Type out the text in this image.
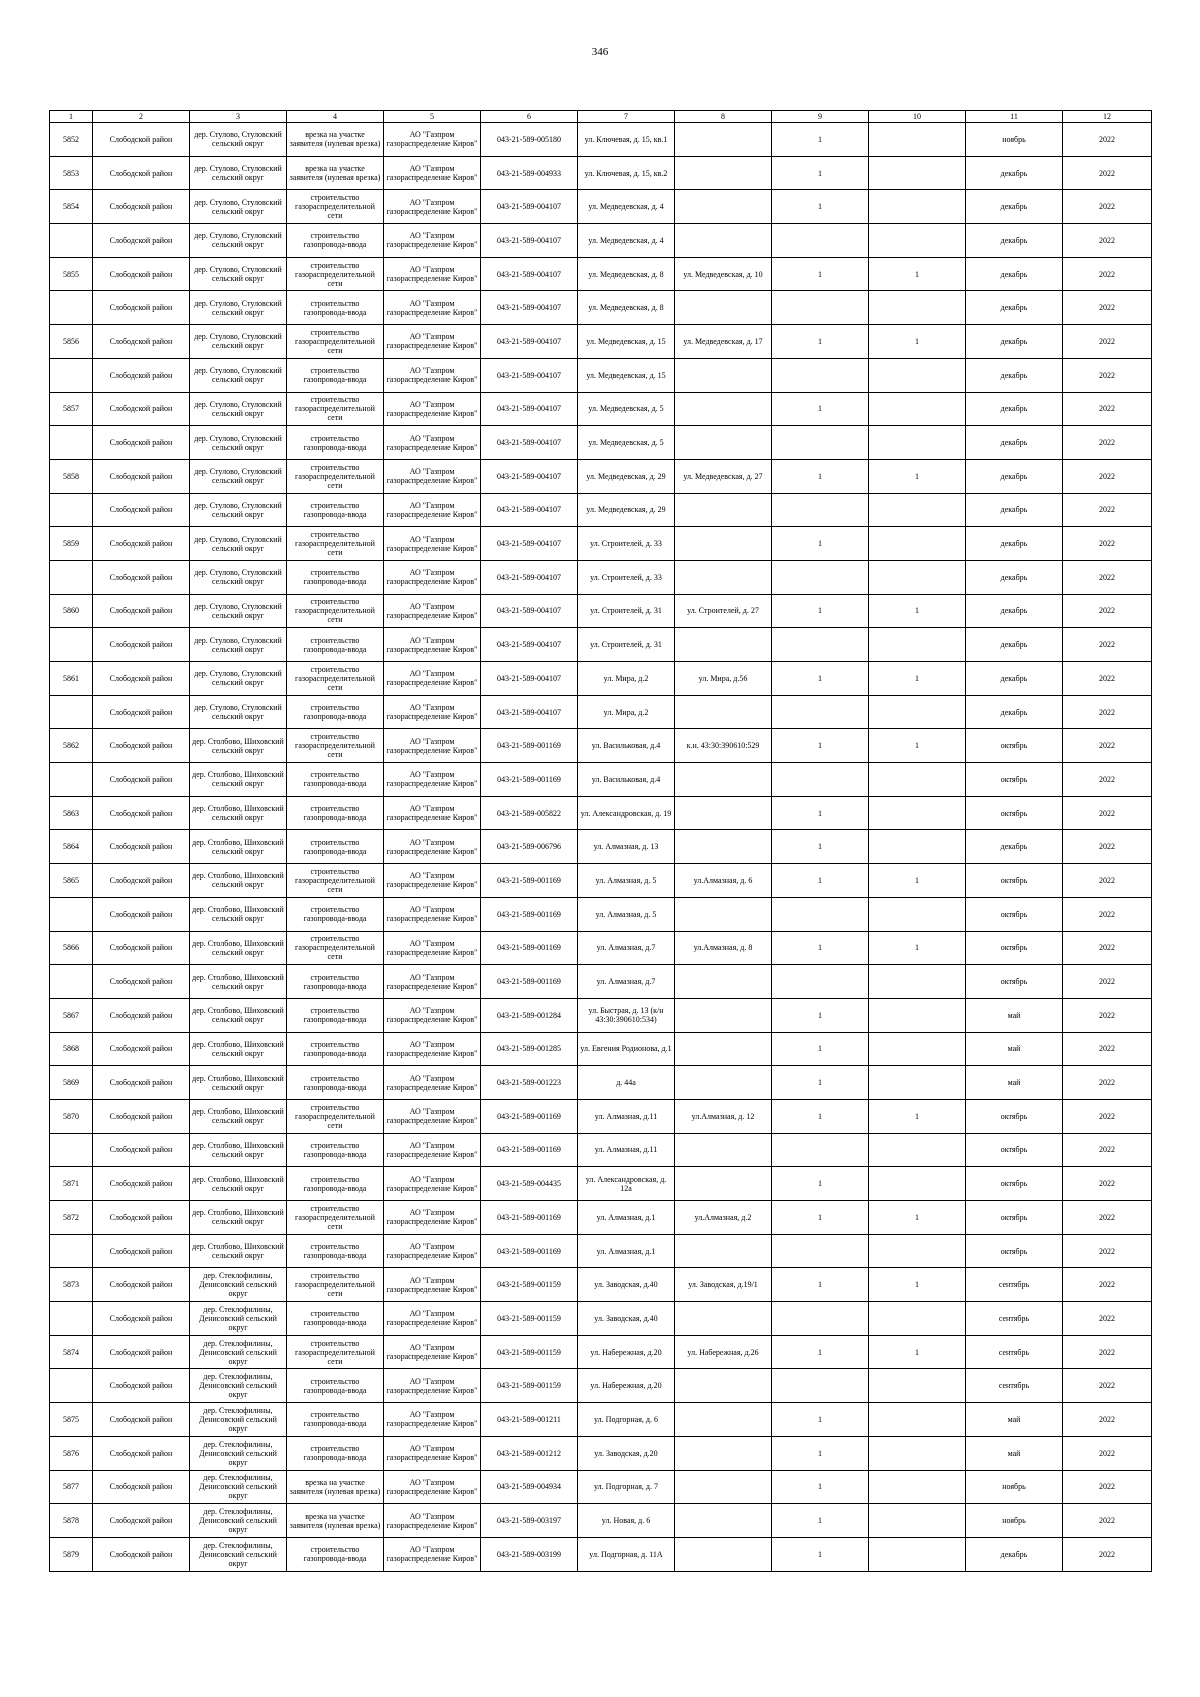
346
1	2	3	4	5	6	7	8	9	10	11	12

5852	Слободской район	дер. Стулово, Стуловский сельский округ	врезка на участке заявителя (нулевая врезка)	АО "Газпром газораспределение Киров"	043-21-589-005180	ул. Ключевая, д. 15, кв.1		1		ноябрь	2022

5853	Слободской район	дер. Стулово, Стуловский сельский округ	врезка на участке заявителя (нулевая врезка)	АО "Газпром газораспределение Киров"	043-21-589-004933	ул. Ключевая, д. 15, кв.2		1		декабрь	2022

5854	Слободской район	дер. Стулово, Стуловский сельский округ	строительство газораспределительной сети	АО "Газпром газораспределение Киров"	043-21-589-004107	ул. Медведевская, д. 4		1		декабрь	2022

	Слободской район	дер. Стулово, Стуловский сельский округ	строительство газопровода-ввода	АО "Газпром газораспределение Киров"	043-21-589-004107	ул. Медведевская, д. 4				декабрь	2022

5855	Слободской район	дер. Стулово, Стуловский сельский округ	строительство газораспределительной сети	АО "Газпром газораспределение Киров"	043-21-589-004107	ул. Медведевская, д. 8	ул. Медведевская, д. 10	1	1	декабрь	2022

	Слободской район	дер. Стулово, Стуловский сельский округ	строительство газопровода-ввода	АО "Газпром газораспределение Киров"	043-21-589-004107	ул. Медведевская, д. 8				декабрь	2022

5856	Слободской район	дер. Стулово, Стуловский сельский округ	строительство газораспределительной сети	АО "Газпром газораспределение Киров"	043-21-589-004107	ул. Медведевская, д. 15	ул. Медведевская, д. 17	1	1	декабрь	2022

	Слободской район	дер. Стулово, Стуловский сельский округ	строительство газопровода-ввода	АО "Газпром газораспределение Киров"	043-21-589-004107	ул. Медведевская, д. 15				декабрь	2022

5857	Слободской район	дер. Стулово, Стуловский сельский округ	строительство газораспределительной сети	АО "Газпром газораспределение Киров"	043-21-589-004107	ул. Медведевская, д. 5		1		декабрь	2022

	Слободской район	дер. Стулово, Стуловский сельский округ	строительство газопровода-ввода	АО "Газпром газораспределение Киров"	043-21-589-004107	ул. Медведевская, д. 5				декабрь	2022

5858	Слободской район	дер. Стулово, Стуловский сельский округ	строительство газораспределительной сети	АО "Газпром газораспределение Киров"	043-21-589-004107	ул. Медведевская, д. 29	ул. Медведевская, д. 27	1	1	декабрь	2022

	Слободской район	дер. Стулово, Стуловский сельский округ	строительство газопровода-ввода	АО "Газпром газораспределение Киров"	043-21-589-004107	ул. Медведевская, д. 29				декабрь	2022

5859	Слободской район	дер. Стулово, Стуловский сельский округ	строительство газораспределительной сети	АО "Газпром газораспределение Киров"	043-21-589-004107	ул. Строителей, д. 33		1		декабрь	2022

	Слободской район	дер. Стулово, Стуловский сельский округ	строительство газопровода-ввода	АО "Газпром газораспределение Киров"	043-21-589-004107	ул. Строителей, д. 33				декабрь	2022

5860	Слободской район	дер. Стулово, Стуловский сельский округ	строительство газораспределительной сети	АО "Газпром газораспределение Киров"	043-21-589-004107	ул. Строителей, д. 31	ул. Строителей, д. 27	1	1	декабрь	2022

	Слободской район	дер. Стулово, Стуловский сельский округ	строительство газопровода-ввода	АО "Газпром газораспределение Киров"	043-21-589-004107	ул. Строителей, д. 31				декабрь	2022

5861	Слободской район	дер. Стулово, Стуловский сельский округ	строительство газораспределительной сети	АО "Газпром газораспределение Киров"	043-21-589-004107	ул. Мира, д.2	ул. Мира, д.56	1	1	декабрь	2022

	Слободской район	дер. Стулово, Стуловский сельский округ	строительство газопровода-ввода	АО "Газпром газораспределение Киров"	043-21-589-004107	ул. Мира, д.2				декабрь	2022

5862	Слободской район	дер. Столбово, Шиховский сельский округ	строительство газораспределительной сети	АО "Газпром газораспределение Киров"	043-21-589-001169	ул. Васильковая, д.4	к.н. 43:30:390610:529	1	1	октябрь	2022

	Слободской район	дер. Столбово, Шиховский сельский округ	строительство газопровода-ввода	АО "Газпром газораспределение Киров"	043-21-589-001169	ул. Васильковая, д.4				октябрь	2022

5863	Слободской район	дер. Столбово, Шиховский сельский округ	строительство газопровода-ввода	АО "Газпром газораспределение Киров"	043-21-589-005822	ул. Александровская, д. 19		1		октябрь	2022

5864	Слободской район	дер. Столбово, Шиховский сельский округ	строительство газопровода-ввода	АО "Газпром газораспределение Киров"	043-21-589-006796	ул. Алмазная, д. 13		1		декабрь	2022

5865	Слободской район	дер. Столбово, Шиховский сельский округ	строительство газораспределительной сети	АО "Газпром газораспределение Киров"	043-21-589-001169	ул. Алмазная, д. 5	ул.Алмазная, д. 6	1	1	октябрь	2022

	Слободской район	дер. Столбово, Шиховский сельский округ	строительство газопровода-ввода	АО "Газпром газораспределение Киров"	043-21-589-001169	ул. Алмазная, д. 5				октябрь	2022

5866	Слободской район	дер. Столбово, Шиховский сельский округ	строительство газораспределительной сети	АО "Газпром газораспределение Киров"	043-21-589-001169	ул. Алмазная, д.7	ул.Алмазная, д. 8	1	1	октябрь	2022

	Слободской район	дер. Столбово, Шиховский сельский округ	строительство газопровода-ввода	АО "Газпром газораспределение Киров"	043-21-589-001169	ул. Алмазная, д.7				октябрь	2022

5867	Слободской район	дер. Столбово, Шиховский сельский округ	строительство газопровода-ввода	АО "Газпром газораспределение Киров"	043-21-589-001284	ул. Быстрая, д. 13 (к/н 43:30:390610:534)		1		май	2022

5868	Слободской район	дер. Столбово, Шиховский сельский округ	строительство газопровода-ввода	АО "Газпром газораспределение Киров"	043-21-589-001285	ул. Евгения Родионова, д.1		1		май	2022

5869	Слободской район	дер. Столбово, Шиховский сельский округ	строительство газопровода-ввода	АО "Газпром газораспределение Киров"	043-21-589-001223	д. 44а		1		май	2022

5870	Слободской район	дер. Столбово, Шиховский сельский округ	строительство газораспределительной сети	АО "Газпром газораспределение Киров"	043-21-589-001169	ул. Алмазная, д.11	ул.Алмазная, д. 12	1	1	октябрь	2022

	Слободской район	дер. Столбово, Шиховский сельский округ	строительство газопровода-ввода	АО "Газпром газораспределение Киров"	043-21-589-001169	ул. Алмазная, д.11				октябрь	2022

5871	Слободской район	дер. Столбово, Шиховский сельский округ	строительство газопровода-ввода	АО "Газпром газораспределение Киров"	043-21-589-004435	ул. Александровская, д. 12а		1		октябрь	2022

5872	Слободской район	дер. Столбово, Шиховский сельский округ	строительство газораспределительной сети	АО "Газпром газораспределение Киров"	043-21-589-001169	ул. Алмазная, д.1	ул.Алмазная, д.2	1	1	октябрь	2022

	Слободской район	дер. Столбово, Шиховский сельский округ	строительство газопровода-ввода	АО "Газпром газораспределение Киров"	043-21-589-001169	ул. Алмазная, д.1				октябрь	2022

5873	Слободской район	дер. Стеклофилины, Денисовский сельский округ	строительство газораспределительной сети	АО "Газпром газораспределение Киров"	043-21-589-001159	ул. Заводская, д.40	ул. Заводская, д.19/1	1	1	сентябрь	2022

	Слободской район	дер. Стеклофилины, Денисовский сельский округ	строительство газопровода-ввода	АО "Газпром газораспределение Киров"	043-21-589-001159	ул. Заводская, д.40				сентябрь	2022

5874	Слободской район	дер. Стеклофилины, Денисовский сельский округ	строительство газораспределительной сети	АО "Газпром газораспределение Киров"	043-21-589-001159	ул. Набережная, д.20	ул. Набережная, д.26	1	1	сентябрь	2022

	Слободской район	дер. Стеклофилины, Денисовский сельский округ	строительство газопровода-ввода	АО "Газпром газораспределение Киров"	043-21-589-001159	ул. Набережная, д.20				сентябрь	2022

5875	Слободской район	дер. Стеклофилины, Денисовский сельский округ	строительство газопровода-ввода	АО "Газпром газораспределение Киров"	043-21-589-001211	ул. Подгорная, д. 6		1		май	2022

5876	Слободской район	дер. Стеклофилины, Денисовский сельский округ	строительство газопровода-ввода	АО "Газпром газораспределение Киров"	043-21-589-001212	ул. Заводская, д.20		1		май	2022

5877	Слободской район	дер. Стеклофилины, Денисовский сельский округ	врезка на участке заявителя (нулевая врезка)	АО "Газпром газораспределение Киров"	043-21-589-004934	ул. Подгорная, д. 7		1		ноябрь	2022

5878	Слободской район	дер. Стеклофилины, Денисовский сельский округ	врезка на участке заявителя (нулевая врезка)	АО "Газпром газораспределение Киров"	043-21-589-003197	ул. Новая, д. 6		1		ноябрь	2022

5879	Слободской район	дер. Стеклофилины, Денисовский сельский округ	строительство газопровода-ввода	АО "Газпром газораспределение Киров"	043-21-589-003199	ул. Подгорная, д. 11А		1		декабрь	2022
